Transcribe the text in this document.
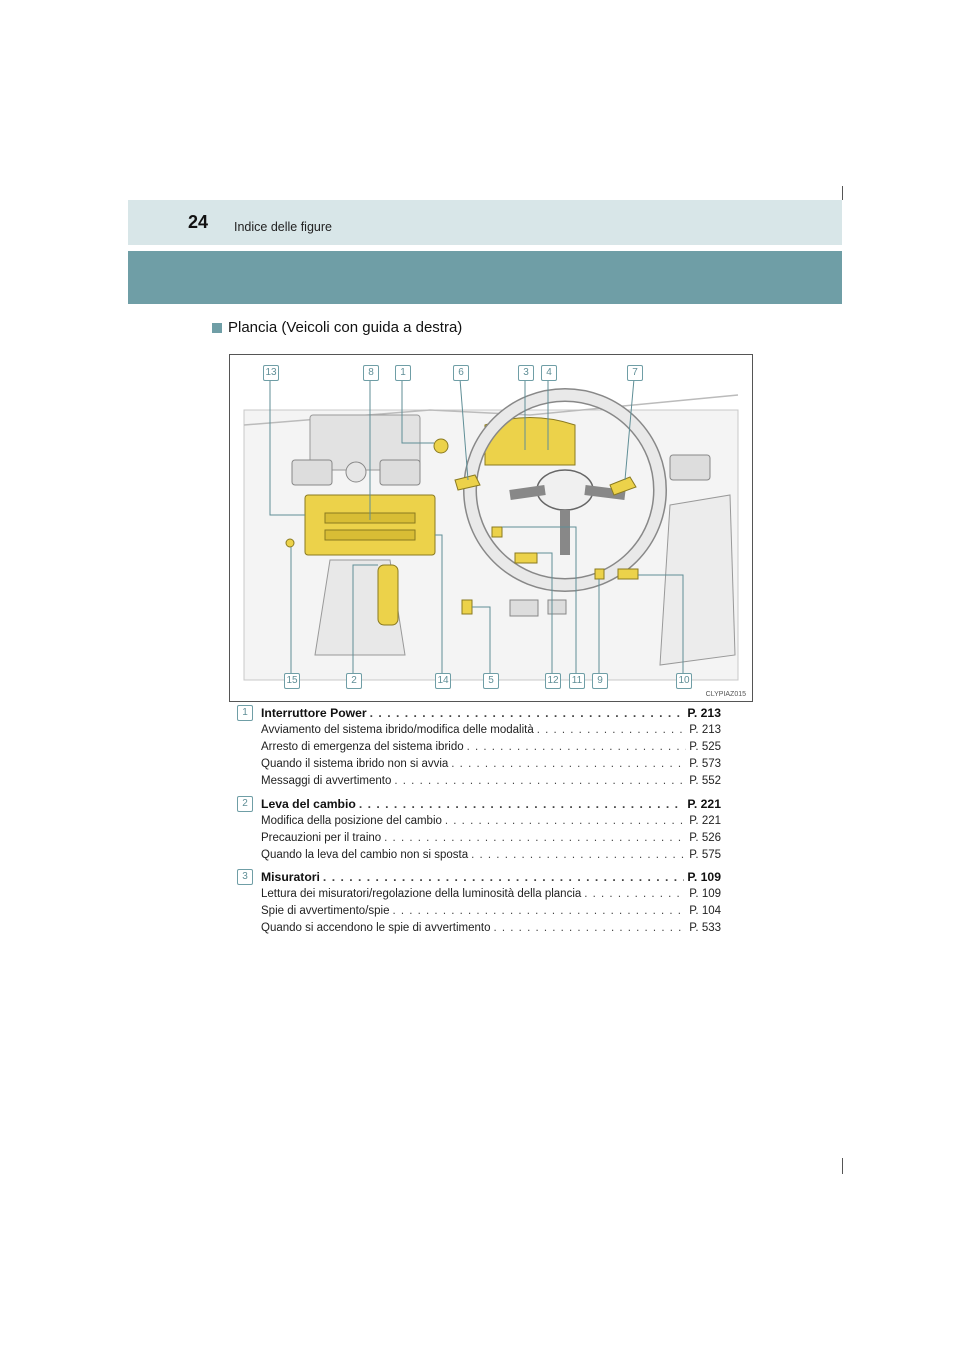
24 Indice delle figure
Plancia (Veicoli con guida a destra)
13	8	1	6	3	4	7
15	2	14	5	12 11	9	10
CLYPIAZ015
1	Interruttore Power . . .	P. 213
Avviamento del sistema ibrido/modifica delle modalità . . .	P. 213
Arresto di emergenza del sistema ibrido . . .	P. 525
Quando il sistema ibrido non si avvia . . .	P. 573
Messaggi di avvertimento . . .	P. 552
2	Leva del cambio . . .	P. 221
Modifica della posizione del cambio . . .	P. 221
Precauzioni per il traino . . .	P. 526
Quando la leva del cambio non si sposta . . .	P. 575
3	Misuratori . . .	P. 109
Lettura dei misuratori/regolazione della luminosità della plancia . . .	P. 109
Spie di avvertimento/spie . . .	P. 104
Quando si accendono le spie di avvertimento . . .	P. 533
